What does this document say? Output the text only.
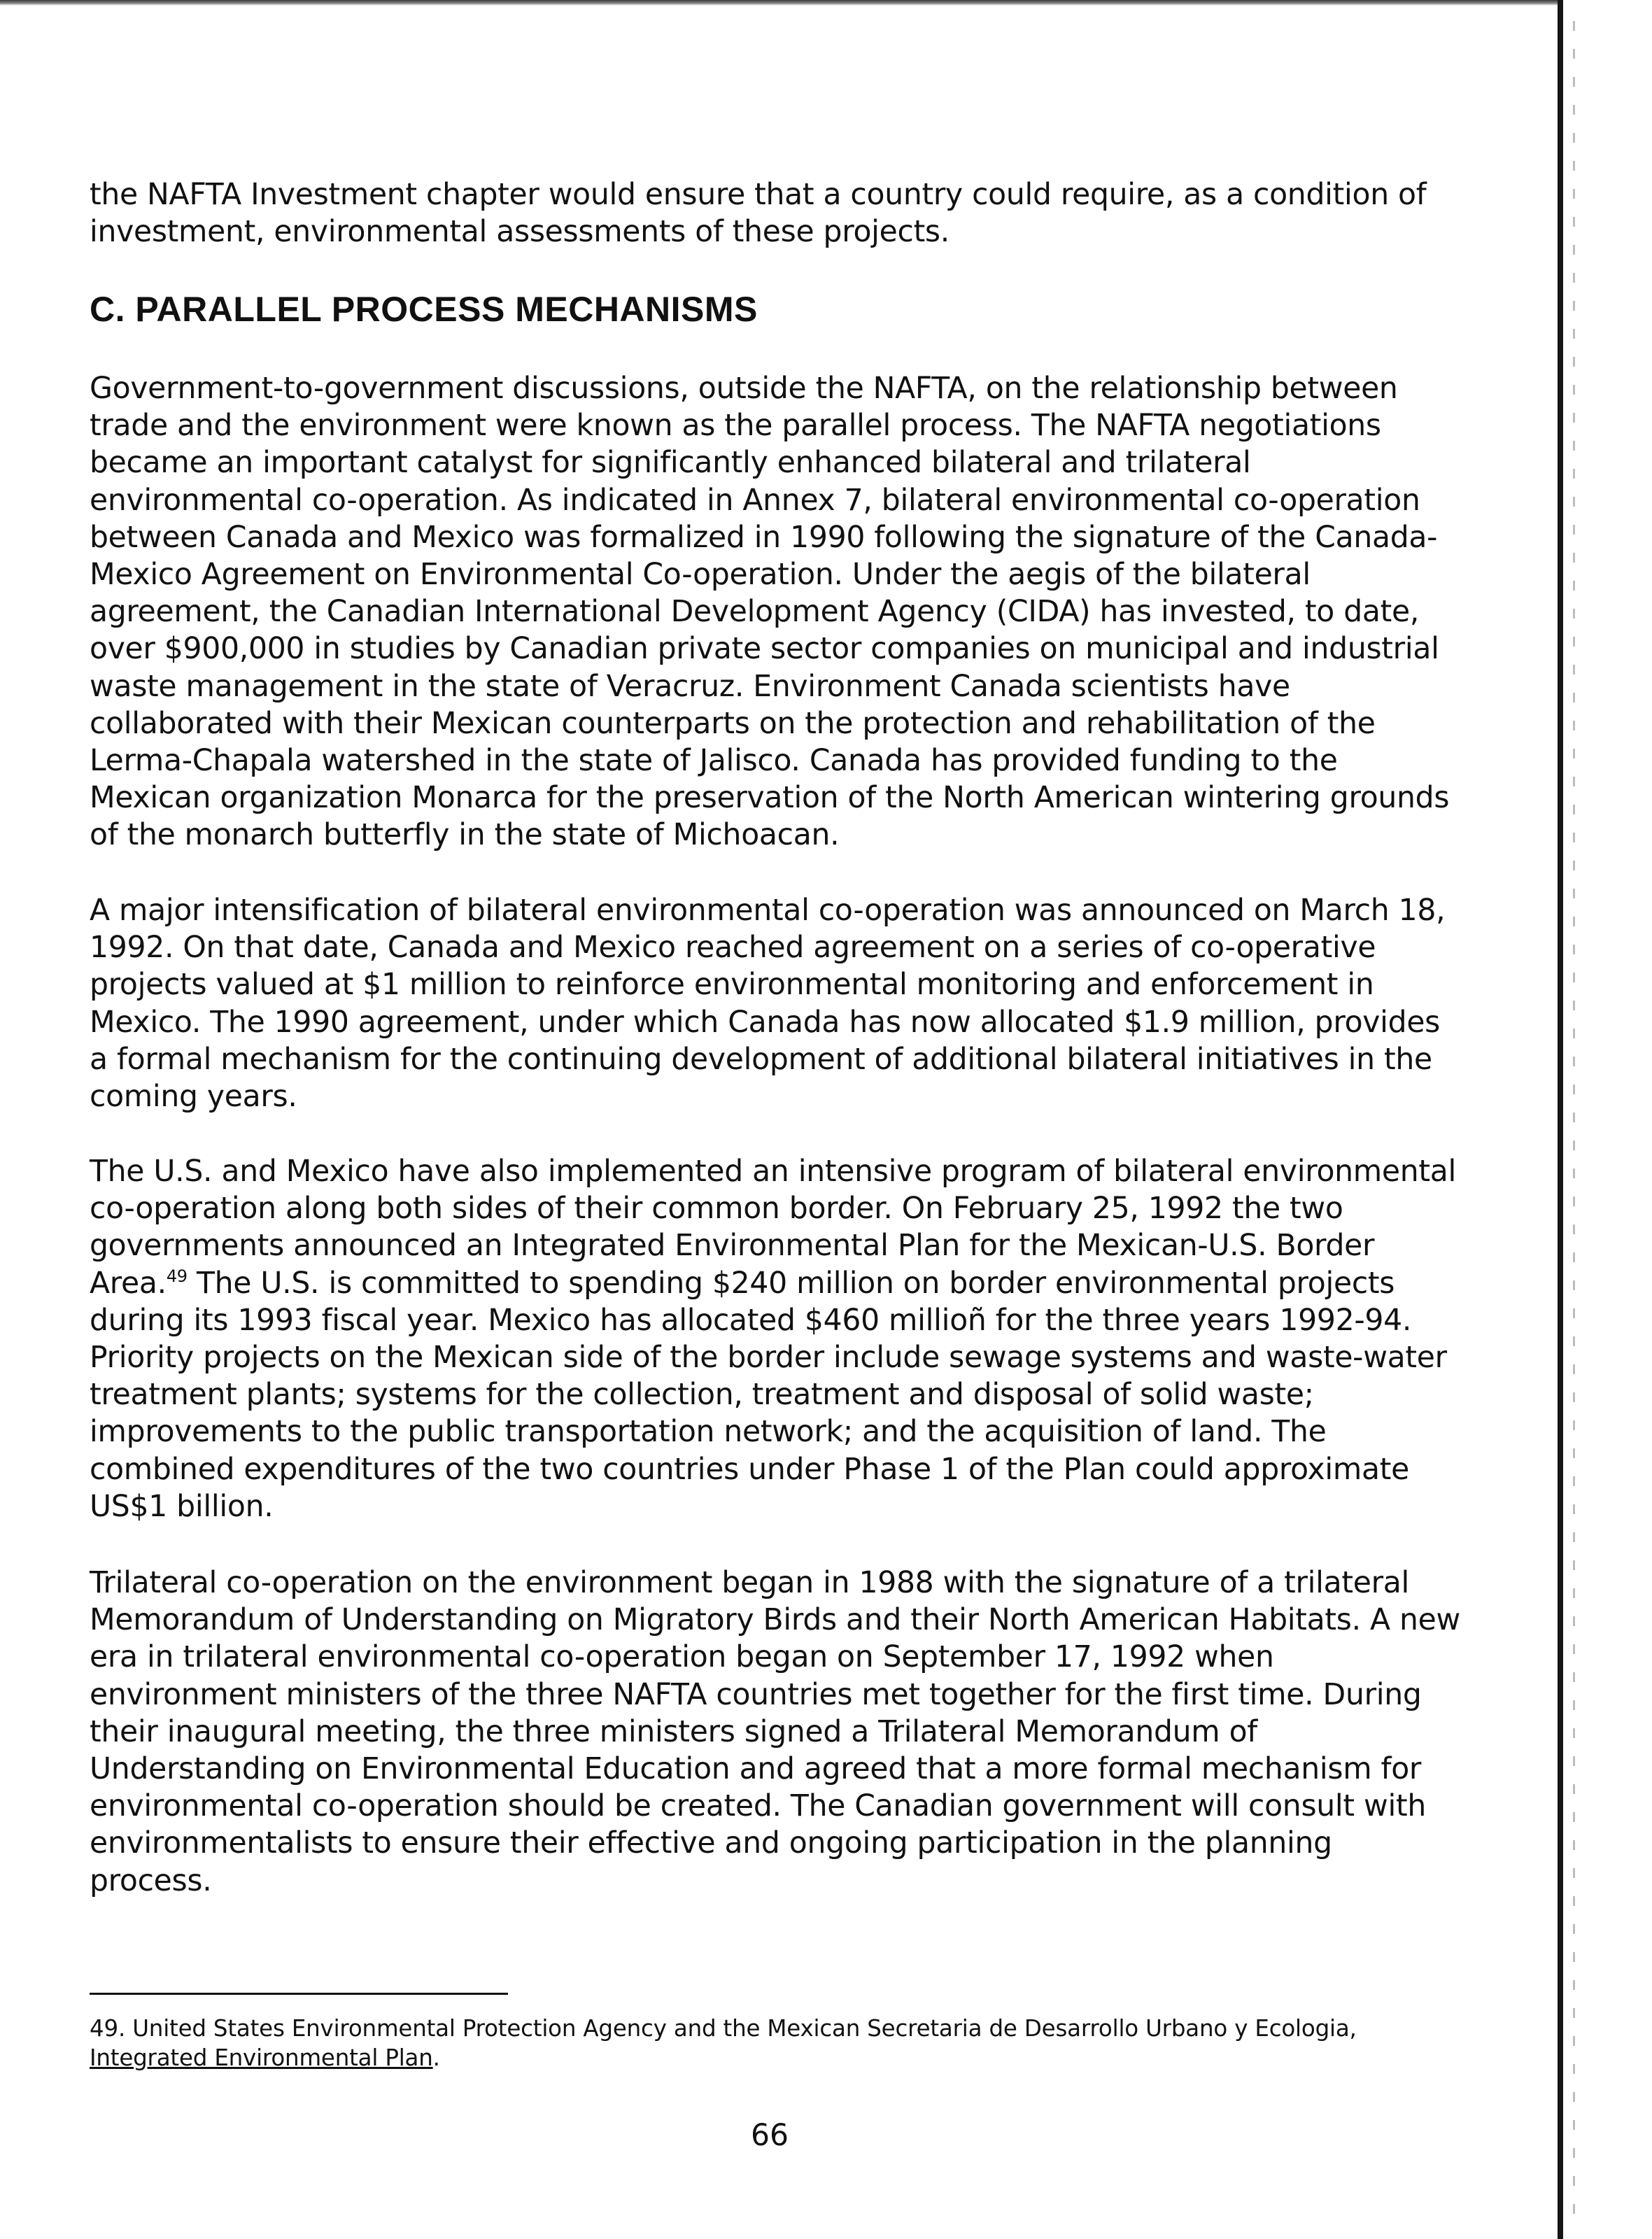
the NAFTA Investment chapter would ensure that a country could require, as a condition of investment, environmental assessments of these projects.

C. PARALLEL PROCESS MECHANISMS

Government-to-government discussions, outside the NAFTA, on the relationship between trade and the environment were known as the parallel process. The NAFTA negotiations became an important catalyst for significantly enhanced bilateral and trilateral environmental co-operation. As indicated in Annex 7, bilateral environmental co-operation between Canada and Mexico was formalized in 1990 following the signature of the Canada-Mexico Agreement on Environmental Co-operation. Under the aegis of the bilateral agreement, the Canadian International Development Agency (CIDA) has invested, to date, over $900,000 in studies by Canadian private sector companies on municipal and industrial waste management in the state of Veracruz. Environment Canada scientists have collaborated with their Mexican counterparts on the protection and rehabilitation of the Lerma-Chapala watershed in the state of Jalisco. Canada has provided funding to the Mexican organization Monarca for the preservation of the North American wintering grounds of the monarch butterfly in the state of Michoacan.

A major intensification of bilateral environmental co-operation was announced on March 18, 1992. On that date, Canada and Mexico reached agreement on a series of co-operative projects valued at $1 million to reinforce environmental monitoring and enforcement in Mexico. The 1990 agreement, under which Canada has now allocated $1.9 million, provides a formal mechanism for the continuing development of additional bilateral initiatives in the coming years.

The U.S. and Mexico have also implemented an intensive program of bilateral environmental co-operation along both sides of their common border. On February 25, 1992 the two governments announced an Integrated Environmental Plan for the Mexican-U.S. Border Area.$^{49}$ The U.S. is committed to spending $240 million on border environmental projects during its 1993 fiscal year. Mexico has allocated $460 millioñ for the three years 1992-94. Priority projects on the Mexican side of the border include sewage systems and waste-water treatment plants; systems for the collection, treatment and disposal of solid waste; improvements to the public transportation network; and the acquisition of land. The combined expenditures of the two countries under Phase 1 of the Plan could approximate US$1 billion.

Trilateral co-operation on the environment began in 1988 with the signature of a trilateral Memorandum of Understanding on Migratory Birds and their North American Habitats. A new era in trilateral environmental co-operation began on September 17, 1992 when environment ministers of the three NAFTA countries met together for the first time. During their inaugural meeting, the three ministers signed a Trilateral Memorandum of Understanding on Environmental Education and agreed that a more formal mechanism for environmental co-operation should be created. The Canadian government will consult with environmentalists to ensure their effective and ongoing participation in the planning process.

49. United States Environmental Protection Agency and the Mexican Secretaria de Desarrollo Urbano y Ecologia, Integrated Environmental Plan.

66
